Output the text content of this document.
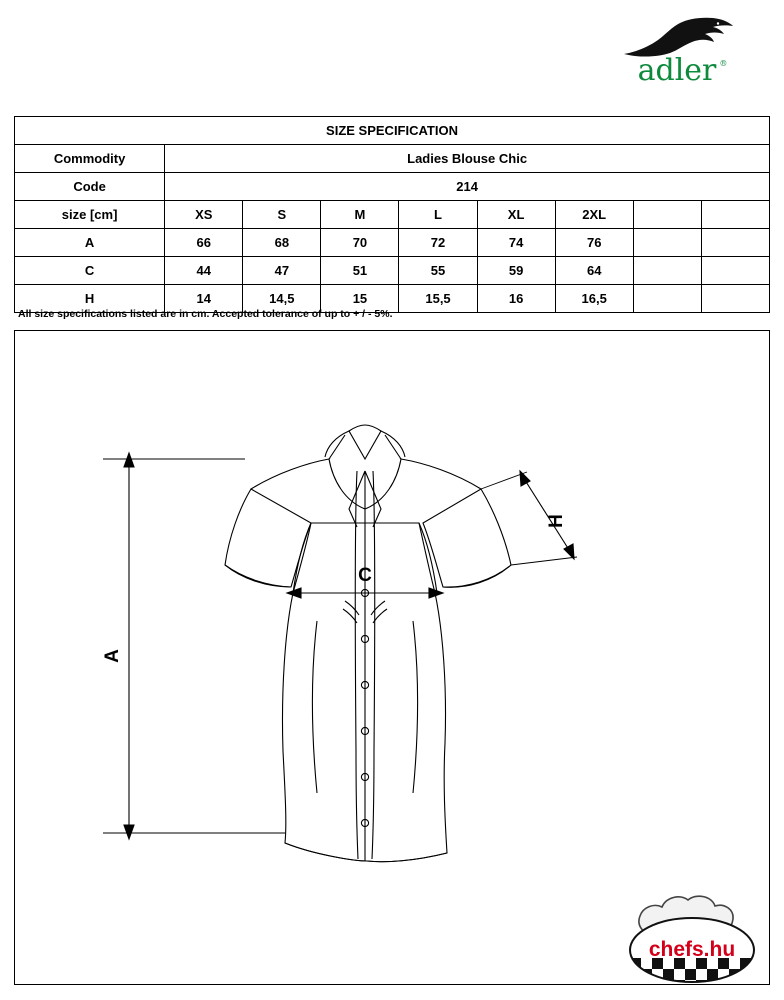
adler ®
SIZE SPECIFICATION								
Commodity	Ladies Blouse Chic							
Code	214							
size [cm]	XS	S	M	L	XL	2XL		
A	66	68	70	72	74	76		
C	44	47	51	55	59	64		
H	14	14,5	15	15,5	16	16,5		
All size specifications listed are in cm. Accepted tolerance of up to + / - 5%.
A
C
H
chefs.hu
